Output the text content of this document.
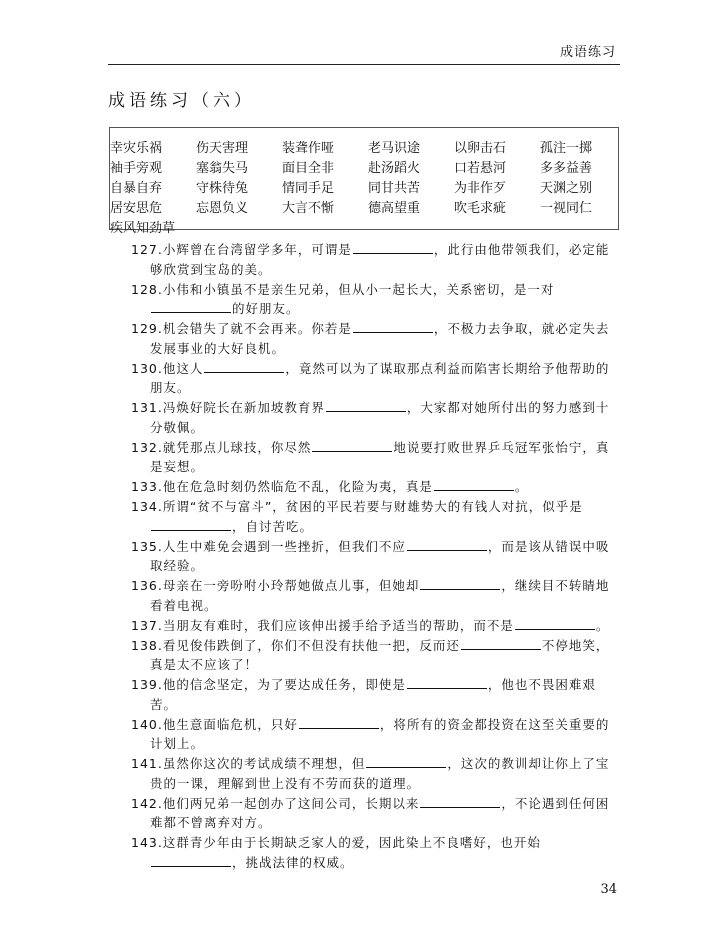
成语练习
成语练习（六）
幸灾乐祸	伤天害理	装聋作哑	老马识途	以卵击石	孤注一掷
袖手旁观	塞翁失马	面目全非	赴汤蹈火	口若悬河	多多益善
自暴自弃	守株待兔	情同手足	同甘共苦	为非作歹	天渊之别
居安思危	忘恩负义	大言不惭	德高望重	吹毛求疵	一视同仁
疾风知劲草
127.小辉曾在台湾留学多年，可谓是	，此行由他带领我们，必定能够欣赏到宝岛的美。
128.小伟和小镇虽不是亲生兄弟，但从小一起长大，关系密切，是一对的好朋友。
129.机会错失了就不会再来。你若是	，不极力去争取，就必定失去发展事业的大好良机。
130.他这人	，竟然可以为了谋取那点利益而陷害长期给予他帮助的朋友。
131.冯焕好院长在新加坡教育界	，大家都对她所付出的努力感到十分敬佩。
132.就凭那点儿球技，你尽然	地说要打败世界乒乓冠军张怡宁，真是妄想。
133.他在危急时刻仍然临危不乱，化险为夷，真是	。
134.所谓“贫不与富斗”，贫困的平民若要与财雄势大的有钱人对抗，似乎是，自讨苦吃。
135.人生中难免会遇到一些挫折，但我们不应	，而是该从错误中吸取经验。
136.母亲在一旁吩咐小玲帮她做点儿事，但她却	，继续目不转睛地看着电视。
137.当朋友有难时，我们应该伸出援手给予适当的帮助，而不是	。
138.看见俊伟跌倒了，你们不但没有扶他一把，反而还	不停地笑，真是太不应该了！
139.他的信念坚定，为了要达成任务，即使是	，他也不畏困难艰苦。
140.他生意面临危机，只好	，将所有的资金都投资在这至关重要的计划上。
141.虽然你这次的考试成绩不理想，但	，这次的教训却让你上了宝贵的一课，理解到世上没有不劳而获的道理。
142.他们两兄弟一起创办了这间公司，长期以来	，不论遇到任何困难都不曾离弃对方。
143.这群青少年由于长期缺乏家人的爱，因此染上不良嗜好，也开始，挑战法律的权威。
34
